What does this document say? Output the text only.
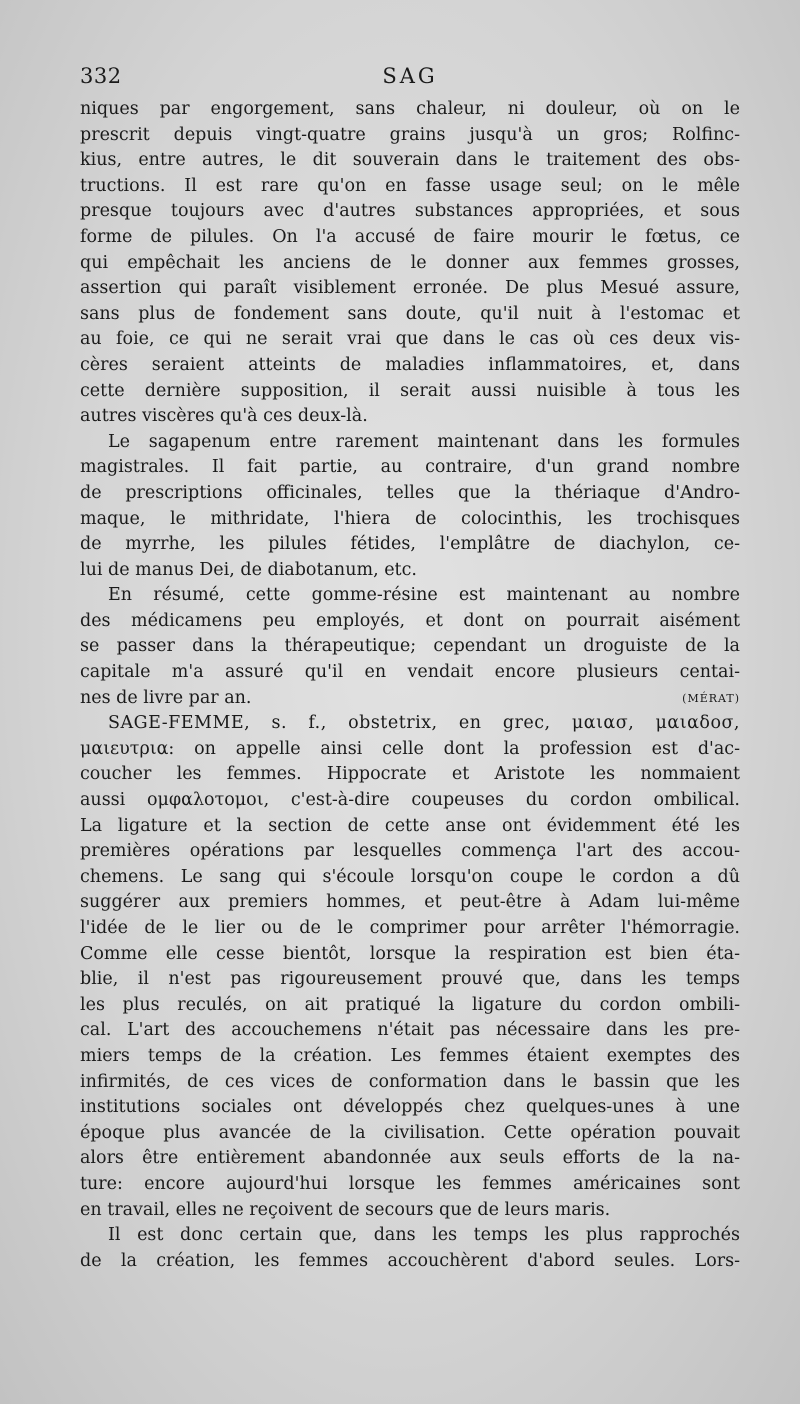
332	SAG

niques par engorgement, sans chaleur, ni douleur, où on le
prescrit depuis vingt-quatre grains jusqu'à un gros; Rolfinc-
kius, entre autres, le dit souverain dans le traitement des obs-
tructions. Il est rare qu'on en fasse usage seul; on le mêle
presque toujours avec d'autres substances appropriées, et sous
forme de pilules. On l'a accusé de faire mourir le fœtus, ce
qui empêchait les anciens de le donner aux femmes grosses,
assertion qui paraît visiblement erronée. De plus Mesué assure,
sans plus de fondement sans doute, qu'il nuit à l'estomac et
au foie, ce qui ne serait vrai que dans le cas où ces deux vis-
cères seraient atteints de maladies inflammatoires, et, dans
cette dernière supposition, il serait aussi nuisible à tous les
autres viscères qu'à ces deux-là.

Le sagapenum entre rarement maintenant dans les formules
magistrales. Il fait partie, au contraire, d'un grand nombre
de prescriptions officinales, telles que la thériaque d'Andro-
maque, le mithridate, l'hiera de colocinthis, les trochisques
de myrrhe, les pilules fétides, l'emplâtre de diachylon, ce-
lui de manus Dei, de diabotanum, etc.

En résumé, cette gomme-résine est maintenant au nombre
des médicamens peu employés, et dont on pourrait aisément
se passer dans la thérapeutique; cependant un droguiste de la
capitale m'a assuré qu'il en vendait encore plusieurs centai-
nes de livre par an.	(MÉRAT)

SAGE-FEMME, s. f., obstetrix, en grec, μαιασ, μαιαδοσ,
μαιευτρια: on appelle ainsi celle dont la profession est d'ac-
coucher les femmes. Hippocrate et Aristote les nommaient
aussi ομφαλοτομοι, c'est-à-dire coupeuses du cordon ombilical.
La ligature et la section de cette anse ont évidemment été les
premières opérations par lesquelles commença l'art des accou-
chemens. Le sang qui s'écoule lorsqu'on coupe le cordon a dû
suggérer aux premiers hommes, et peut-être à Adam lui-même
l'idée de le lier ou de le comprimer pour arrêter l'hémorragie.
Comme elle cesse bientôt, lorsque la respiration est bien éta-
blie, il n'est pas rigoureusement prouvé que, dans les temps
les plus reculés, on ait pratiqué la ligature du cordon ombili-
cal. L'art des accouchemens n'était pas nécessaire dans les pre-
miers temps de la création. Les femmes étaient exemptes des
infirmités, de ces vices de conformation dans le bassin que les
institutions sociales ont développés chez quelques-unes à une
époque plus avancée de la civilisation. Cette opération pouvait
alors être entièrement abandonnée aux seuls efforts de la na-
ture: encore aujourd'hui lorsque les femmes américaines sont
en travail, elles ne reçoivent de secours que de leurs maris.

Il est donc certain que, dans les temps les plus rapprochés
de la création, les femmes accouchèrent d'abord seules. Lors-
